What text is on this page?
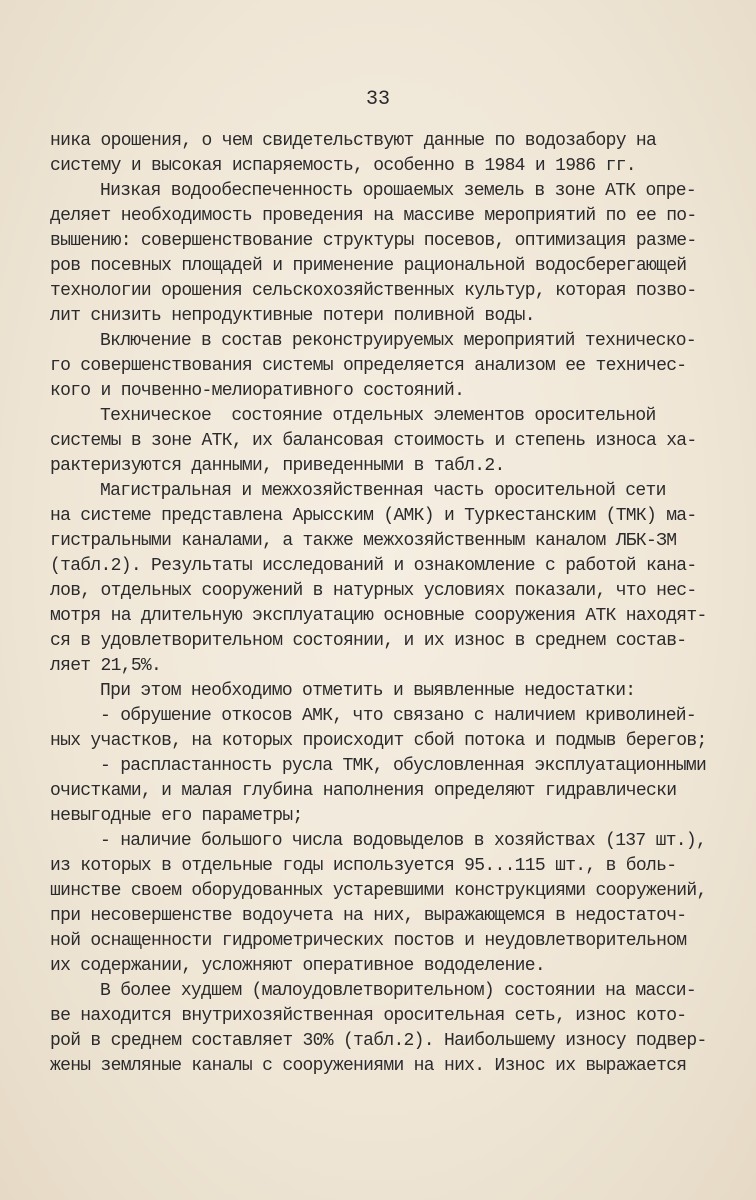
33

ника орошения, о чем свидетельствуют данные по водозабору на

систему и высокая испаряемость, особенно в 1984 и 1986 гг.

Низкая водообеспеченность орошаемых земель в зоне АТК опре-

деляет необходимость проведения на массиве мероприятий по ее по-

вышению: совершенствование структуры посевов, оптимизация разме-

ров посевных площадей и применение рациональной водосберегающей

технологии орошения сельскохозяйственных культур, которая позво-

лит снизить непродуктивные потери поливной воды.

Включение в состав реконструируемых мероприятий техническо-

го совершенствования системы определяется анализом ее техничес-

кого и почвенно-мелиоративного состояний.

Техническое  состояние отдельных элементов оросительной

системы в зоне АТК, их балансовая стоимость и степень износа ха-

рактеризуются данными, приведенными в табл.2.

Магистральная и межхозяйственная часть оросительной сети

на системе представлена Арысским (АМК) и Туркестанским (ТМК) ма-

гистральными каналами, а также межхозяйственным каналом ЛБК-ЗМ

(табл.2). Результаты исследований и ознакомление с работой кана-

лов, отдельных сооружений в натурных условиях показали, что нес-

мотря на длительную эксплуатацию основные сооружения АТК находят-

ся в удовлетворительном состоянии, и их износ в среднем состав-

ляет 21,5%.

При этом необходимо отметить и выявленные недостатки:

- обрушение откосов АМК, что связано с наличием криволиней-

ных участков, на которых происходит сбой потока и подмыв берегов;

- распластанность русла ТМК, обусловленная эксплуатационными

очистками, и малая глубина наполнения определяют гидравлически

невыгодные его параметры;

- наличие большого числа водовыделов в хозяйствах (137 шт.),

из которых в отдельные годы используется 95...115 шт., в боль-

шинстве своем оборудованных устаревшими конструкциями сооружений,

при несовершенстве водоучета на них, выражающемся в недостаточ-

ной оснащенности гидрометрических постов и неудовлетворительном

их содержании, усложняют оперативное вододеление.

В более худшем (малоудовлетворительном) состоянии на масси-

ве находится внутрихозяйственная оросительная сеть, износ кото-

рой в среднем составляет 30% (табл.2). Наибольшему износу подвер-

жены земляные каналы с сооружениями на них. Износ их выражается
